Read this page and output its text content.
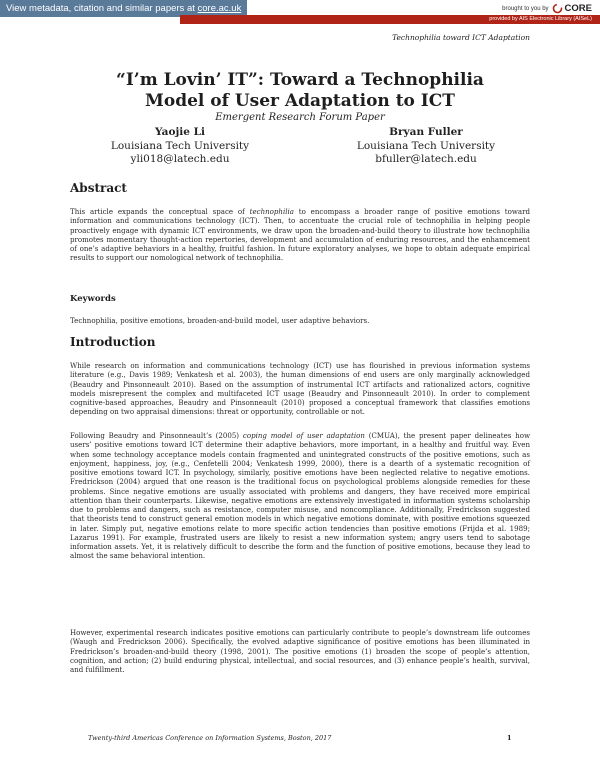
View metadata, citation and similar papers at core.ac.uk	brought to you by CORE
provided by AIS Electronic Library (AISeL)
Technophilia toward ICT Adaptation
“I’m Lovin’ IT”: Toward a Technophilia
Model of User Adaptation to ICT
Emergent Research Forum Paper
Yaojie Li
Louisiana Tech University
yli018@latech.edu
Bryan Fuller
Louisiana Tech University
bfuller@latech.edu
Abstract

This article expands the conceptual space of technophilia to encompass a broader range of positive emotions toward information and communications technology (ICT). Then, to accentuate the crucial role of technophilia in helping people proactively engage with dynamic ICT environments, we draw upon the broaden-and-build theory to illustrate how technophilia promotes momentary thought-action repertories, development and accumulation of enduring resources, and the enhancement of one’s adaptive behaviors in a healthy, fruitful fashion. In future exploratory analyses, we hope to obtain adequate empirical results to support our nomological network of technophilia.

Keywords

Technophilia, positive emotions, broaden-and-build model, user adaptive behaviors.

Introduction

While research on information and communications technology (ICT) use has flourished in previous information systems literature (e.g., Davis 1989; Venkatesh et al. 2003), the human dimensions of end users are only marginally acknowledged (Beaudry and Pinsonneault 2010). Based on the assumption of instrumental ICT artifacts and rationalized actors, cognitive models misrepresent the complex and multifaceted ICT usage (Beaudry and Pinsonneault 2010). In order to complement cognitive-based approaches, Beaudry and Pinsonneault (2010) proposed a conceptual framework that classifies emotions depending on two appraisal dimensions: threat or opportunity, controllable or not.

Following Beaudry and Pinsonneault’s (2005) coping model of user adaptation (CMUA), the present paper delineates how users’ positive emotions toward ICT determine their adaptive behaviors, more important, in a healthy and fruitful way. Even when some technology acceptance models contain fragmented and unintegrated constructs of the positive emotions, such as enjoyment, happiness, joy, (e.g., Cenfetelli 2004; Venkatesh 1999, 2000), there is a dearth of a systematic recognition of positive emotions toward ICT. In psychology, similarly, positive emotions have been neglected relative to negative emotions. Fredrickson (2004) argued that one reason is the traditional focus on psychological problems alongside remedies for these problems. Since negative emotions are usually associated with problems and dangers, they have received more empirical attention than their counterparts. Likewise, negative emotions are extensively investigated in information systems scholarship due to problems and dangers, such as resistance, computer misuse, and noncompliance. Additionally, Fredrickson suggested that theorists tend to construct general emotion models in which negative emotions dominate, with positive emotions squeezed in later. Simply put, negative emotions relate to more specific action tendencies than positive emotions (Frijda et al. 1989; Lazarus 1991). For example, frustrated users are likely to resist a new information system; angry users tend to sabotage information assets. Yet, it is relatively difficult to describe the form and the function of positive emotions, because they lead to almost the same behavioral intention.

However, experimental research indicates positive emotions can particularly contribute to people’s downstream life outcomes (Waugh and Fredrickson 2006). Specifically, the evolved adaptive significance of positive emotions has been illuminated in Fredrickson’s broaden-and-build theory (1998, 2001). The positive emotions (1) broaden the scope of people’s attention, cognition, and action; (2) build enduring physical, intellectual, and social resources, and (3) enhance people’s health, survival, and fulfillment.

Twenty-third Americas Conference on Information Systems, Boston, 2017	1
